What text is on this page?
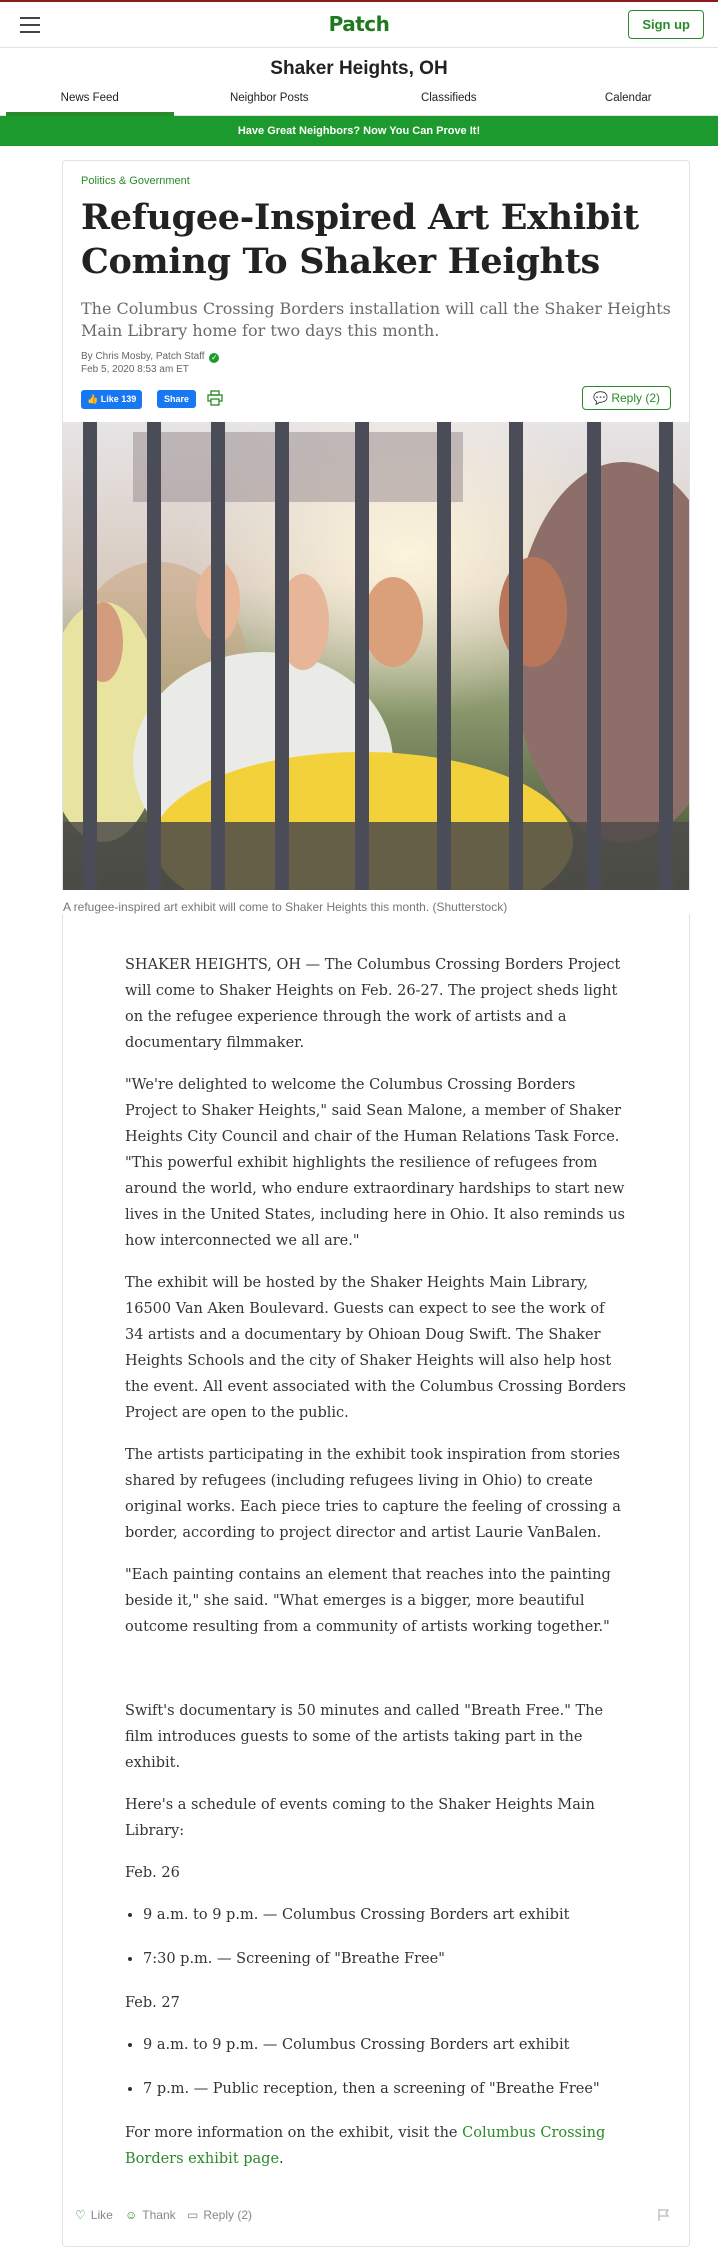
Patch	Sign up
Shaker Heights, OH
News Feed	Neighbor Posts	Classifieds	Calendar
Have Great Neighbors? Now You Can Prove It!
Politics & Government
Refugee-Inspired Art Exhibit Coming To Shaker Heights
The Columbus Crossing Borders installation will call the Shaker Heights Main Library home for two days this month.
By Chris Mosby, Patch Staff ✓
Feb 5, 2020 8:53 am ET
👍 Like 139	Share	💬 Reply (2)
A refugee-inspired art exhibit will come to Shaker Heights this month. (Shutterstock)

SHAKER HEIGHTS, OH — The Columbus Crossing Borders Project will come to Shaker Heights on Feb. 26-27. The project sheds light on the refugee experience through the work of artists and a documentary filmmaker.

"We're delighted to welcome the Columbus Crossing Borders Project to Shaker Heights," said Sean Malone, a member of Shaker Heights City Council and chair of the Human Relations Task Force. "This powerful exhibit highlights the resilience of refugees from around the world, who endure extraordinary hardships to start new lives in the United States, including here in Ohio. It also reminds us how interconnected we all are."

The exhibit will be hosted by the Shaker Heights Main Library, 16500 Van Aken Boulevard. Guests can expect to see the work of 34 artists and a documentary by Ohioan Doug Swift. The Shaker Heights Schools and the city of Shaker Heights will also help host the event. All event associated with the Columbus Crossing Borders Project are open to the public.

The artists participating in the exhibit took inspiration from stories shared by refugees (including refugees living in Ohio) to create original works. Each piece tries to capture the feeling of crossing a border, according to project director and artist Laurie VanBalen.

"Each painting contains an element that reaches into the painting beside it," she said. "What emerges is a bigger, more beautiful outcome resulting from a community of artists working together."

Swift's documentary is 50 minutes and called "Breath Free." The film introduces guests to some of the artists taking part in the exhibit.

Here's a schedule of events coming to the Shaker Heights Main Library:

Feb. 26

• 9 a.m. to 9 p.m. — Columbus Crossing Borders art exhibit
• 7:30 p.m. — Screening of "Breathe Free"

Feb. 27

• 9 a.m. to 9 p.m. — Columbus Crossing Borders art exhibit
• 7 p.m. — Public reception, then a screening of "Breathe Free"

For more information on the exhibit, visit the Columbus Crossing Borders exhibit page.

♡ Like ☺ Thank ▭ Reply (2)
